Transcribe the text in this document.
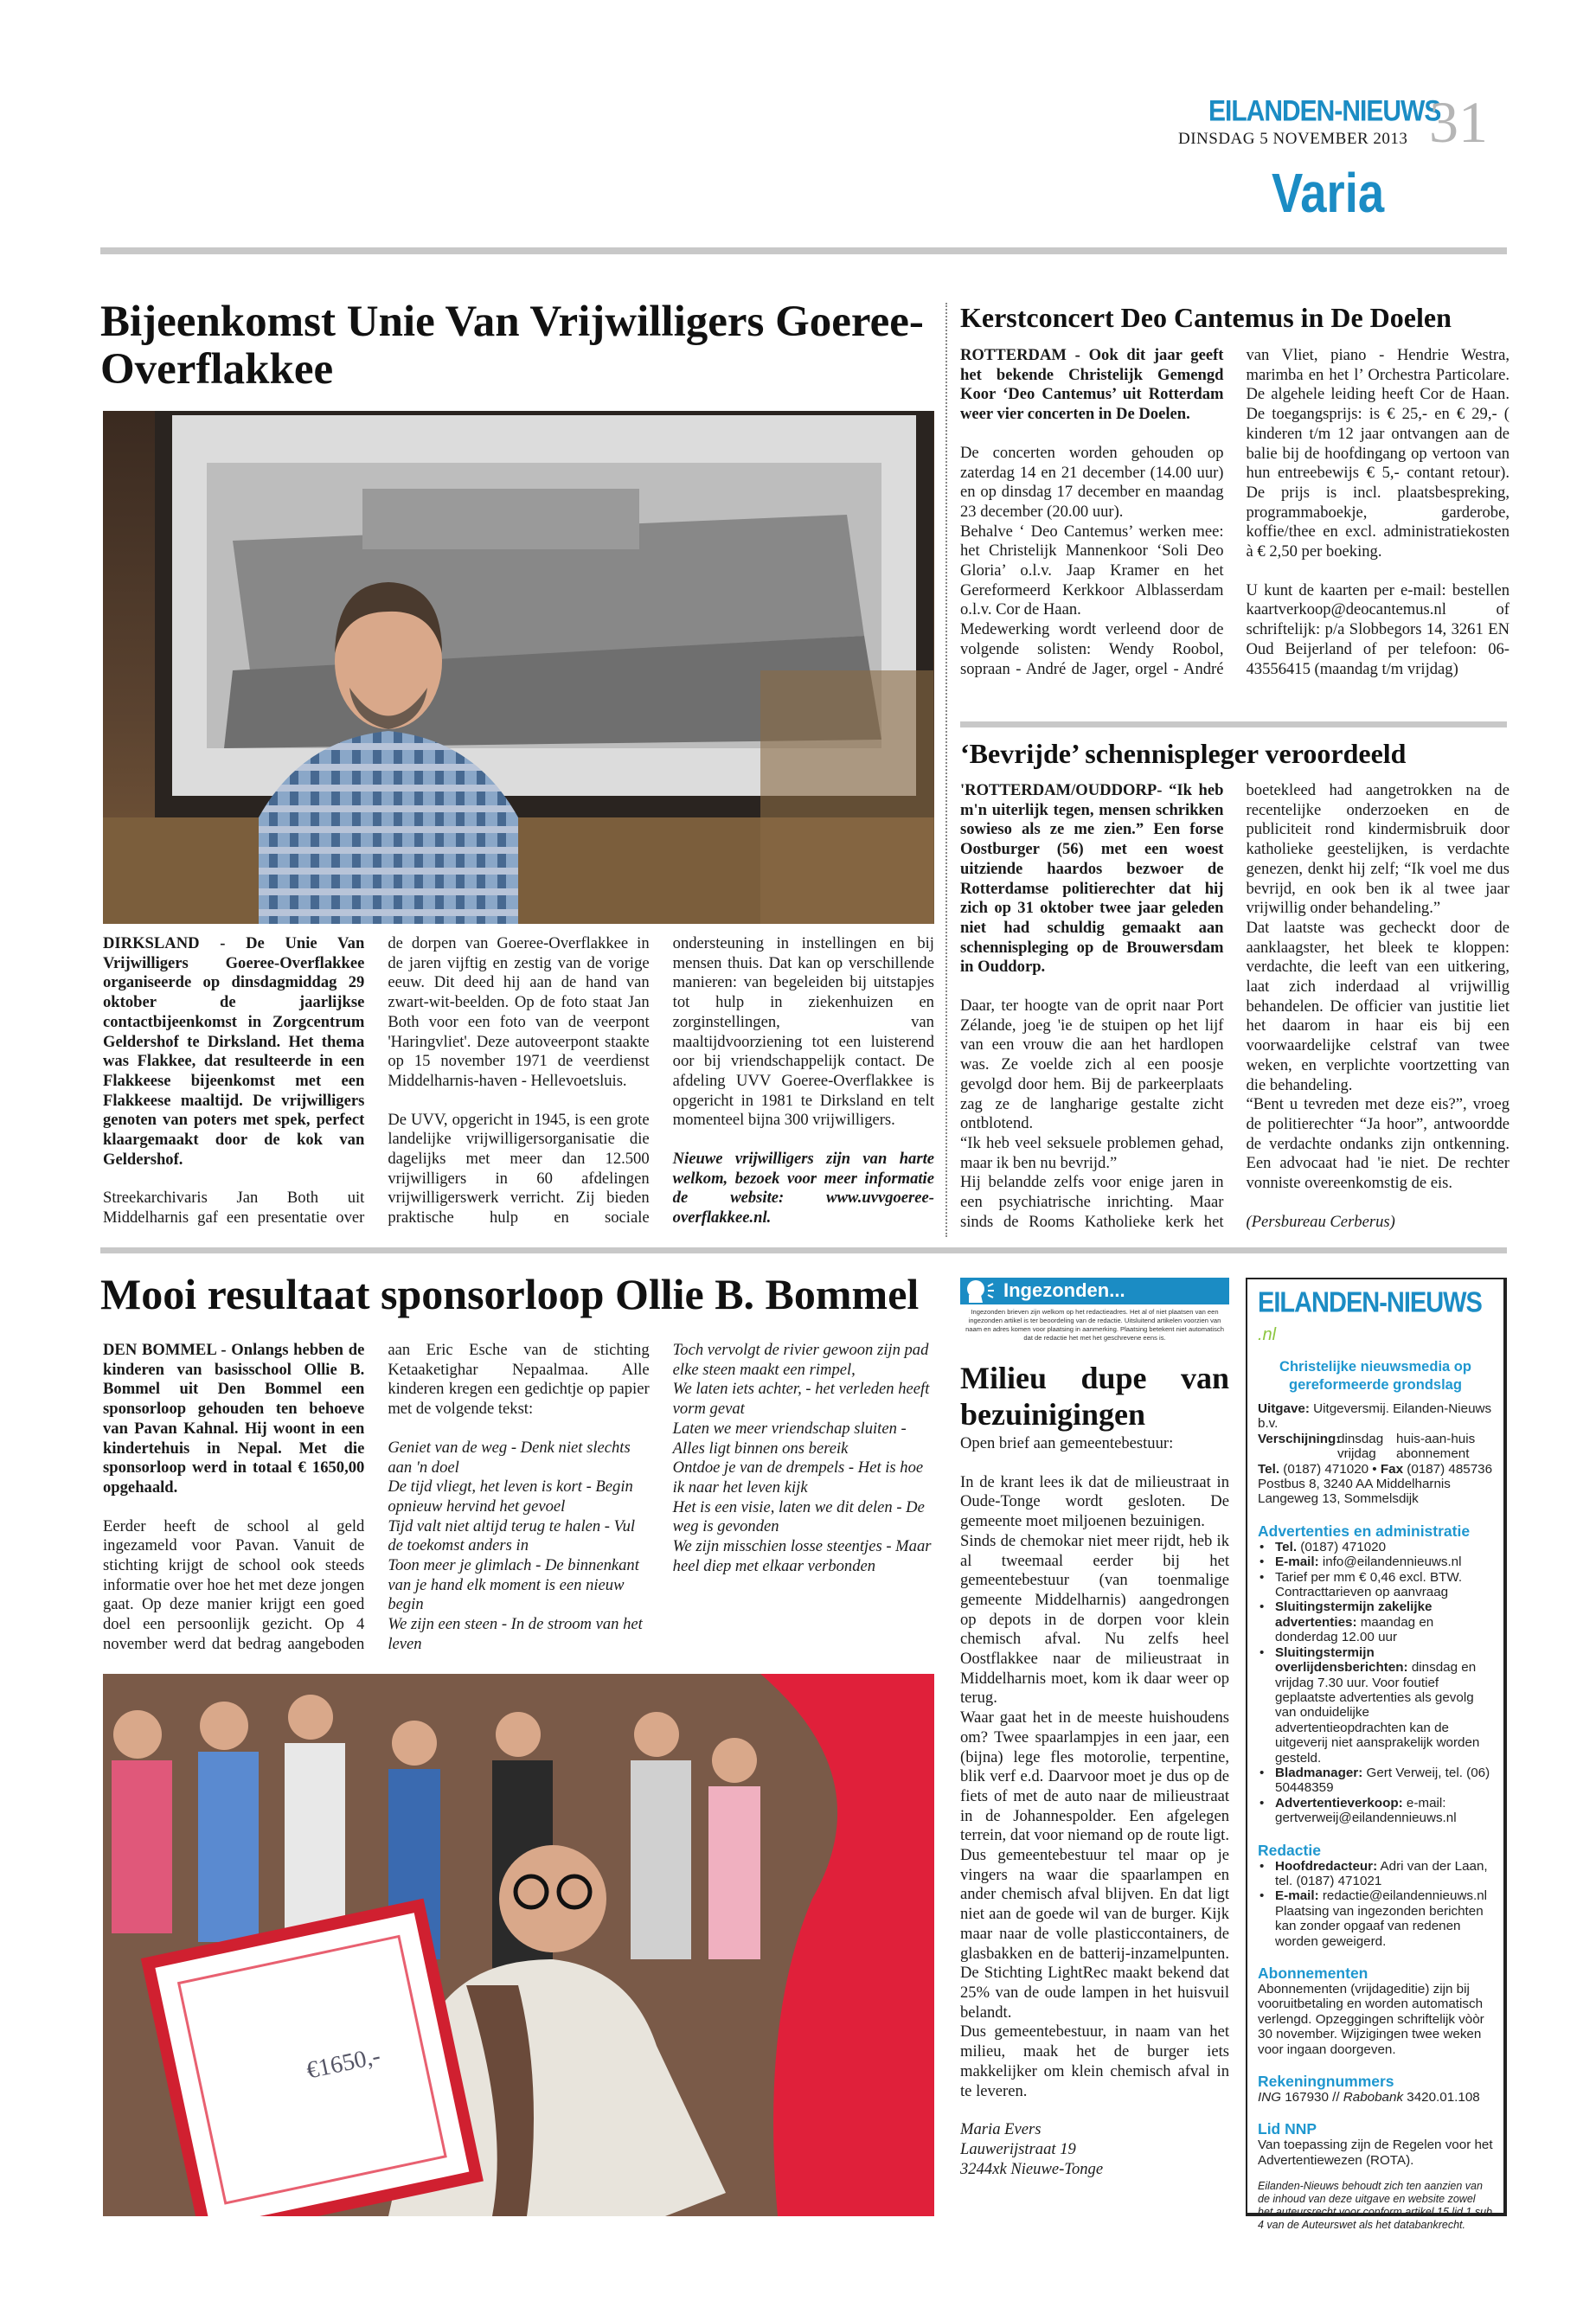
EILANDEN-NIEUWS
DINSDAG 5 NOVEMBER 2013 31
Varia
Bijeenkomst Unie Van Vrijwilligers Goeree-Overflakkee

DIRKSLAND - De Unie Van Vrijwilligers Goeree-Overflakkee organiseerde op dinsdagmiddag 29 oktober de jaarlijkse contactbijeenkomst in Zorgcentrum Geldershof te Dirksland. Het thema was Flakkee, dat resulteerde in een Flakkeese bijeenkomst met een Flakkeese maaltijd. De vrijwilligers genoten van poters met spek, perfect klaargemaakt door de kok van Geldershof.

Streekarchivaris Jan Both uit Middelharnis gaf een presentatie over de dorpen van Goeree-Overflakkee in de jaren vijftig en zestig van de vorige eeuw. Dit deed hij aan de hand van zwart-wit-beelden. Op de foto staat Jan Both voor een foto van de veerpont 'Haringvliet'. Deze autoveerpont staakte op 15 november 1971 de veerdienst Middelharnis-haven - Hellevoetsluis.

De UVV, opgericht in 1945, is een grote landelijke vrijwilligersorganisatie die dagelijks met meer dan 12.500 vrijwilligers in 60 afdelingen vrijwilligerswerk verricht. Zij bieden praktische hulp en sociale ondersteuning in instellingen en bij mensen thuis. Dat kan op verschillende manieren: van begeleiden bij uitstapjes tot hulp in ziekenhuizen en zorginstellingen, van maaltijdvoorziening tot een luisterend oor bij vriendschappelijk contact. De afdeling UVV Goeree-Overflakkee is opgericht in 1981 te Dirksland en telt momenteel bijna 300 vrijwilligers.

Nieuwe vrijwilligers zijn van harte welkom, bezoek voor meer informatie de website: www.uvvgoeree-overflakkee.nl.

Kerstconcert Deo Cantemus in De Doelen

ROTTERDAM - Ook dit jaar geeft het bekende Christelijk Gemengd Koor ‘Deo Cantemus’ uit Rotterdam weer vier concerten in De Doelen.

De concerten worden gehouden op zaterdag 14 en 21 december (14.00 uur) en op dinsdag 17 december en maandag 23 december (20.00 uur).

Behalve ‘ Deo Cantemus’ werken mee: het Christelijk Mannenkoor ‘Soli Deo Gloria’ o.l.v. Jaap Kramer en het Gereformeerd Kerkkoor Alblasserdam o.l.v. Cor de Haan.

Medewerking wordt verleend door de volgende solisten: Wendy Roobol, sopraan - André de Jager, orgel - André van Vliet, piano - Hendrie Westra, marimba en het l’ Orchestra Particolare. De algehele leiding heeft Cor de Haan. De toegangsprijs: is € 25,- en € 29,- ( kinderen t/m 12 jaar ontvangen aan de balie bij de hoofdingang op vertoon van hun entreebewijs € 5,- contant retour). De prijs is incl. plaatsbespreking, programmaboekje, garderobe, koffie/thee en excl. administratiekosten à € 2,50 per boeking.

U kunt de kaarten per e-mail: bestellen kaartverkoop@deocantemus.nl of schriftelijk: p/a Slobbegors 14, 3261 EN Oud Beijerland of per telefoon: 06-43556415 (maandag t/m vrijdag)

‘Bevrijde’ schennispleger veroordeeld

'ROTTERDAM/OUDDORP- “Ik heb m'n uiterlijk tegen, mensen schrikken sowieso als ze me zien.” Een forse Oostburger (56) met een woest uitziende haardos bezwoer de Rotterdamse politierechter dat hij zich op 31 oktober twee jaar geleden niet had schuldig gemaakt aan schennispleging op de Brouwersdam in Ouddorp.

Daar, ter hoogte van de oprit naar Port Zélande, joeg 'ie de stuipen op het lijf van een vrouw die aan het hardlopen was. Ze voelde zich al een poosje gevolgd door hem. Bij de parkeerplaats zag ze de langharige gestalte zicht ontblotend.

“Ik heb veel seksuele problemen gehad, maar ik ben nu bevrijd.”

Hij belandde zelfs voor enige jaren in een psychiatrische inrichting. Maar sinds de Rooms Katholieke kerk het boetekleed had aangetrokken na de recentelijke onderzoeken en de publiciteit rond kindermisbruik door katholieke geestelijken, is verdachte genezen, denkt hij zelf; “Ik voel me dus bevrijd, en ook ben ik al twee jaar vrijwillig onder behandeling.”

Dat laatste was gecheckt door de aanklaagster, het bleek te kloppen: verdachte, die leeft van een uitkering, laat zich inderdaad al vrijwillig behandelen. De officier van justitie liet het daarom in haar eis bij een voorwaardelijke celstraf van twee weken, en verplichte voortzetting van die behandeling.

“Bent u tevreden met deze eis?”, vroeg de politierechter “Ja hoor”, antwoordde de verdachte ondanks zijn ontkenning. Een advocaat had 'ie niet. De rechter vonniste overeenkomstig de eis.

(Persbureau Cerberus)

Mooi resultaat sponsorloop Ollie B. Bommel

DEN BOMMEL - Onlangs hebben de kinderen van basisschool Ollie B. Bommel uit Den Bommel een sponsorloop gehouden ten behoeve van Pavan Kahnal. Hij woont in een kindertehuis in Nepal. Met die sponsorloop werd in totaal € 1650,00 opgehaald.

Eerder heeft de school al geld ingezameld voor Pavan. Vanuit de stichting krijgt de school ook steeds informatie over hoe het met deze jongen gaat. Op deze manier krijgt een goed doel een persoonlijk gezicht. Op 4 november werd dat bedrag aangeboden aan Eric Esche van de stichting Ketaaketighar Nepaalmaa. Alle kinderen kregen een gedichtje op papier met de volgende tekst:

Geniet van de weg - Denk niet slechts aan 'n doel
De tijd vliegt, het leven is kort - Begin opnieuw hervind het gevoel
Tijd valt niet altijd terug te halen - Vul de toekomst anders in
Toon meer je glimlach - De binnenkant van je hand elk moment is een nieuw begin
We zijn een steen - In de stroom van het leven
Toch vervolgt de rivier gewoon zijn pad
elke steen maakt een rimpel,
We laten iets achter, - het verleden heeft vorm gevat
Laten we meer vriendschap sluiten - Alles ligt binnen ons bereik
Ontdoe je van de drempels - Het is hoe ik naar het leven kijk
Het is een visie, laten we dit delen - De weg is gevonden
We zijn misschien losse steentjes - Maar heel diep met elkaar verbonden
€1650,-
Ingezonden...
Ingezonden brieven zijn welkom op het redactieadres. Het al of niet plaatsen van een ingezonden artikel is ter beoordeling van de redactie. Uitsluitend artikelen voorzien van naam en adres komen voor plaatsing in aanmerking. Plaatsing betekent niet automatisch dat de redactie het met het geschrevene eens is.
Milieu dupe van bezuinigingen

Open brief aan gemeentebestuur:

In de krant lees ik dat de milieustraat in Oude-Tonge wordt gesloten. De gemeente moet miljoenen bezuinigen.

Sinds de chemokar niet meer rijdt, heb ik al tweemaal eerder bij het gemeentebestuur (van toenmalige gemeente Middelharnis) aangedrongen op depots in de dorpen voor klein chemisch afval. Nu zelfs heel Oostflakkee naar de milieustraat in Middelharnis moet, kom ik daar weer op terug.

Waar gaat het in de meeste huishoudens om? Twee spaarlampjes in een jaar, een (bijna) lege fles motorolie, terpentine, blik verf e.d. Daarvoor moet je dus op de fiets of met de auto naar de milieustraat in de Johannespolder. Een afgelegen terrein, dat voor niemand op de route ligt. Dus gemeentebestuur tel maar op je vingers na waar die spaarlampen en ander chemisch afval blijven. En dat ligt niet aan de goede wil van de burger. Kijk maar naar de volle plasticcontainers, de glasbakken en de batterij-inzamelpunten. De Stichting LightRec maakt bekend dat 25% van de oude lampen in het huisvuil belandt.

Dus gemeentebestuur, in naam van het milieu, maak het de burger iets makkelijker om klein chemisch afval in te leveren.

Maria Evers
Lauwerijstraat 19
3244xk Nieuwe-Tonge
EILANDEN-NIEUWS.nl
Christelijke nieuwsmedia op gereformeerde grondslag
Uitgave: Uitgeversmij. Eilanden-Nieuws b.v.
Verschijning:
dinsdag huis-aan-huis
vrijdag	abonnement
Tel. (0187) 471020 • Fax (0187) 485736
Postbus 8, 3240 AA Middelharnis
Langeweg 13, Sommelsdijk
Advertenties en administratie
• Tel. (0187) 471020
• E-mail: info@eilandennieuws.nl
• Tarief per mm € 0,46 excl. BTW. Contracttarieven op aanvraag
• Sluitingstermijn zakelijke advertenties: maandag en donderdag 12.00 uur
• Sluitingstermijn overlijdensberichten: dinsdag en vrijdag 7.30 uur. Voor foutief geplaatste advertenties als gevolg van onduidelijke advertentieopdrachten kan de uitgeverij niet aansprakelijk worden gesteld.
• Bladmanager: Gert Verweij, tel. (06) 50448359
• Advertentieverkoop: e-mail: gertverweij@eilandennieuws.nl
Redactie
• Hoofdredacteur: Adri van der Laan, tel. (0187) 471021
• E-mail: redactie@eilandennieuws.nl Plaatsing van ingezonden berichten kan zonder opgaaf van redenen worden geweigerd.
Abonnementen
Abonnementen (vrijdageditie) zijn bij vooruitbetaling en worden automatisch verlengd. Opzeggingen schriftelijk vòòr 30 november. Wijzigingen twee weken voor ingaan doorgeven.
Rekeningnummers
ING 167930 // Rabobank 3420.01.108
Lid NNP
Van toepassing zijn de Regelen voor het Advertentiewezen (ROTA).
Eilanden-Nieuws behoudt zich ten aanzien van de inhoud van deze uitgave en website zowel het auteursrecht voor conform artikel 15 lid 1 sub 4 van de Auteurswet als het databankrecht.
